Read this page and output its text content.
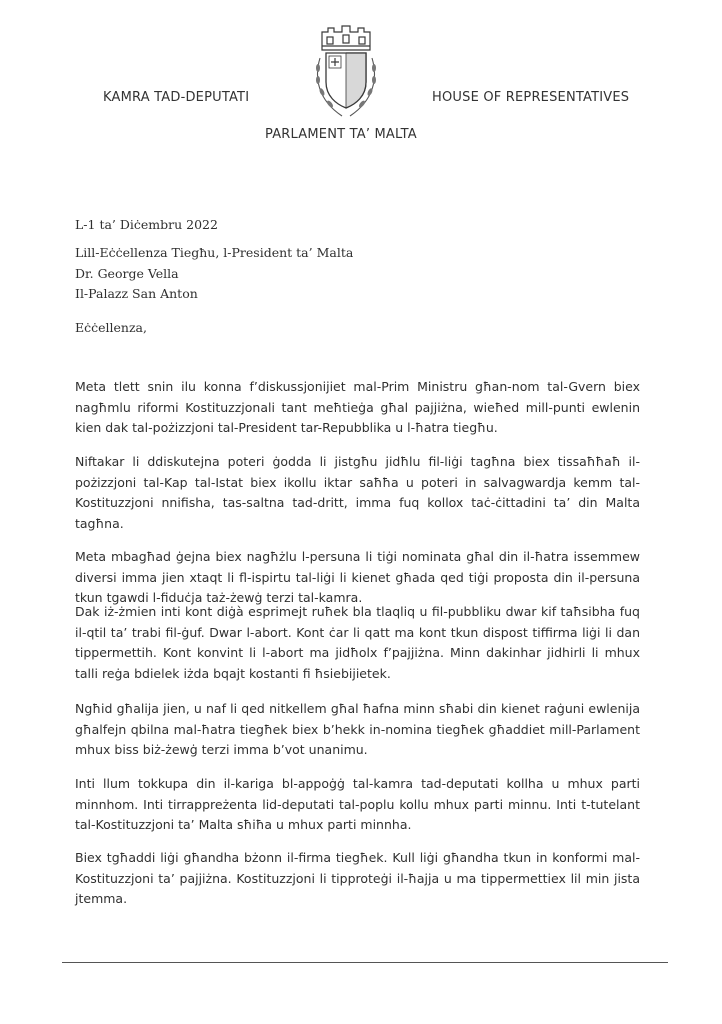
KAMRA TAD-DEPUTATI	HOUSE OF REPRESENTATIVES
PARLAMENT TA’ MALTA
L-1 ta’ Diċembru 2022
Lill-Eċċellenza Tiegħu, l-President ta’ Malta
Dr. George Vella
Il-Palazz San Anton
Eċċellenza,

Meta tlett snin ilu konna f’diskussjonijiet mal-Prim Ministru għan-nom tal-Gvern biex nagħmlu riformi Kostituzzjonali tant meħtieġa għal pajjiżna, wieħed mill-punti ewlenin kien dak tal-pożizzjoni tal-President tar-Repubblika u l-ħatra tiegħu.

Niftakar li ddiskutejna poteri ġodda li jistgħu jidħlu fil-liġi tagħna biex tissaħħaħ il-pożizzjoni tal-Kap tal-Istat biex ikollu iktar saħħa u poteri in salvagwardja kemm tal-Kostituzzjoni nnifisha, tas-saltna tad-dritt, imma fuq kollox taċ-ċittadini ta’ din Malta tagħna.

Meta mbagħad ġejna biex nagħżlu l-persuna li tiġi nominata għal din il-ħatra issemmew diversi imma jien xtaqt li fl-ispirtu tal-liġi li kienet għada qed tiġi proposta din il-persuna tkun tgawdi l-fiduċja taż-żewġ terzi tal-kamra.

Dak iż-żmien inti kont diġà esprimejt ruħek bla tlaqliq u fil-pubbliku dwar kif taħsibha fuq il-qtil ta’ trabi fil-ġuf. Dwar l-abort. Kont ċar li qatt ma kont tkun dispost tiffirma liġi li dan tippermettih. Kont konvint li l-abort ma jidħolx f’pajjiżna. Minn dakinhar jidhirli li mhux talli reġa bdielek iżda bqajt kostanti fi ħsiebijietek.

Ngħid għalija jien, u naf li qed nitkellem għal ħafna minn sħabi din kienet raġuni ewlenija għalfejn qbilna mal-ħatra tiegħek biex b’hekk in-nomina tiegħek għaddiet mill-Parlament mhux biss biż-żewġ terzi imma b’vot unanimu.

Inti llum tokkupa din il-kariga bl-appoġġ tal-kamra tad-deputati kollha u mhux parti minnhom. Inti tirrappreżenta lid-deputati tal-poplu kollu mhux parti minnu. Inti t-tutelant tal-Kostituzzjoni ta’ Malta sħiħa u mhux parti minnha.

Biex tgħaddi liġi għandha bżonn il-firma tiegħek. Kull liġi għandha tkun in konformi mal-Kostituzzjoni ta’ pajjiżna. Kostituzzjoni li tipproteġi il-ħajja u ma tippermettiex lil min jista jtemma.
